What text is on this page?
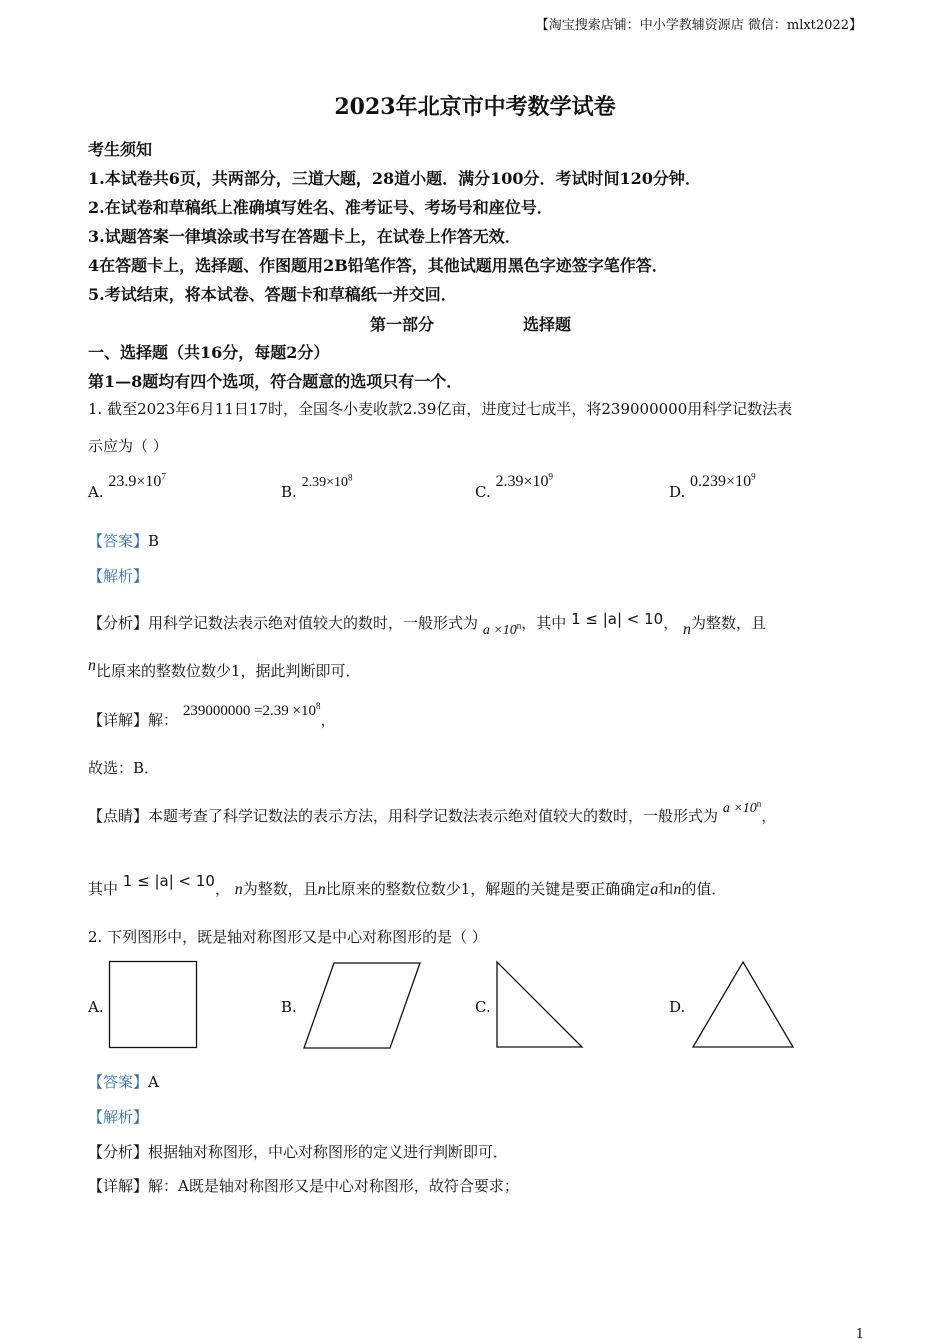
【淘宝搜索店铺：中小学教辅资源店 微信：mlxt2022】
2023年北京市中考数学试卷
考生须知
1.本试卷共6页，共两部分，三道大题，28道小题．满分100分．考试时间120分钟．
2.在试卷和草稿纸上准确填写姓名、准考证号、考场号和座位号．
3.试题答案一律填涂或书写在答题卡上，在试卷上作答无效．
4在答题卡上，选择题、作图题用2B铅笔作答，其他试题用黑色字迹签字笔作答．
5.考试结束，将本试卷、答题卡和草稿纸一并交回．
第一部分	选择题
一、选择题（共16分，每题2分）
第1—8题均有四个选项，符合题意的选项只有一个．
1. 截至2023年6月11日17时，全国冬小麦收款2.39亿亩，进度过七成半，将239000000用科学记数法表
示应为（ ）
A. $23.9\times 10^7$
B. $2.39\times 10^8$
C. $2.39\times 10^9$
D. $0.239\times 10^9$
【答案】B
【解析】
【分析】用科学记数法表示绝对值较大的数时，一般形式为 $a \times 10^n$，其中 1 ≤ |a| < 10， n为整数，且
n比原来的整数位数少1，据此判断即可．
【详解】解： $239000000 =2.39 \times 10^8$，
故选：B．
【点睛】本题考查了科学记数法的表示方法，用科学记数法表示绝对值较大的数时，一般形式为 $a \times 10^n$，
其中 1 ≤ |a| < 10， n为整数，且n比原来的整数位数少1，解题的关键是要正确确定a和n的值．
2. 下列图形中，既是轴对称图形又是中心对称图形的是（ ）
A.	B.	C.	D.
【答案】A
【解析】
【分析】根据轴对称图形，中心对称图形的定义进行判断即可．
【详解】解：A既是轴对称图形又是中心对称图形，故符合要求；
1
